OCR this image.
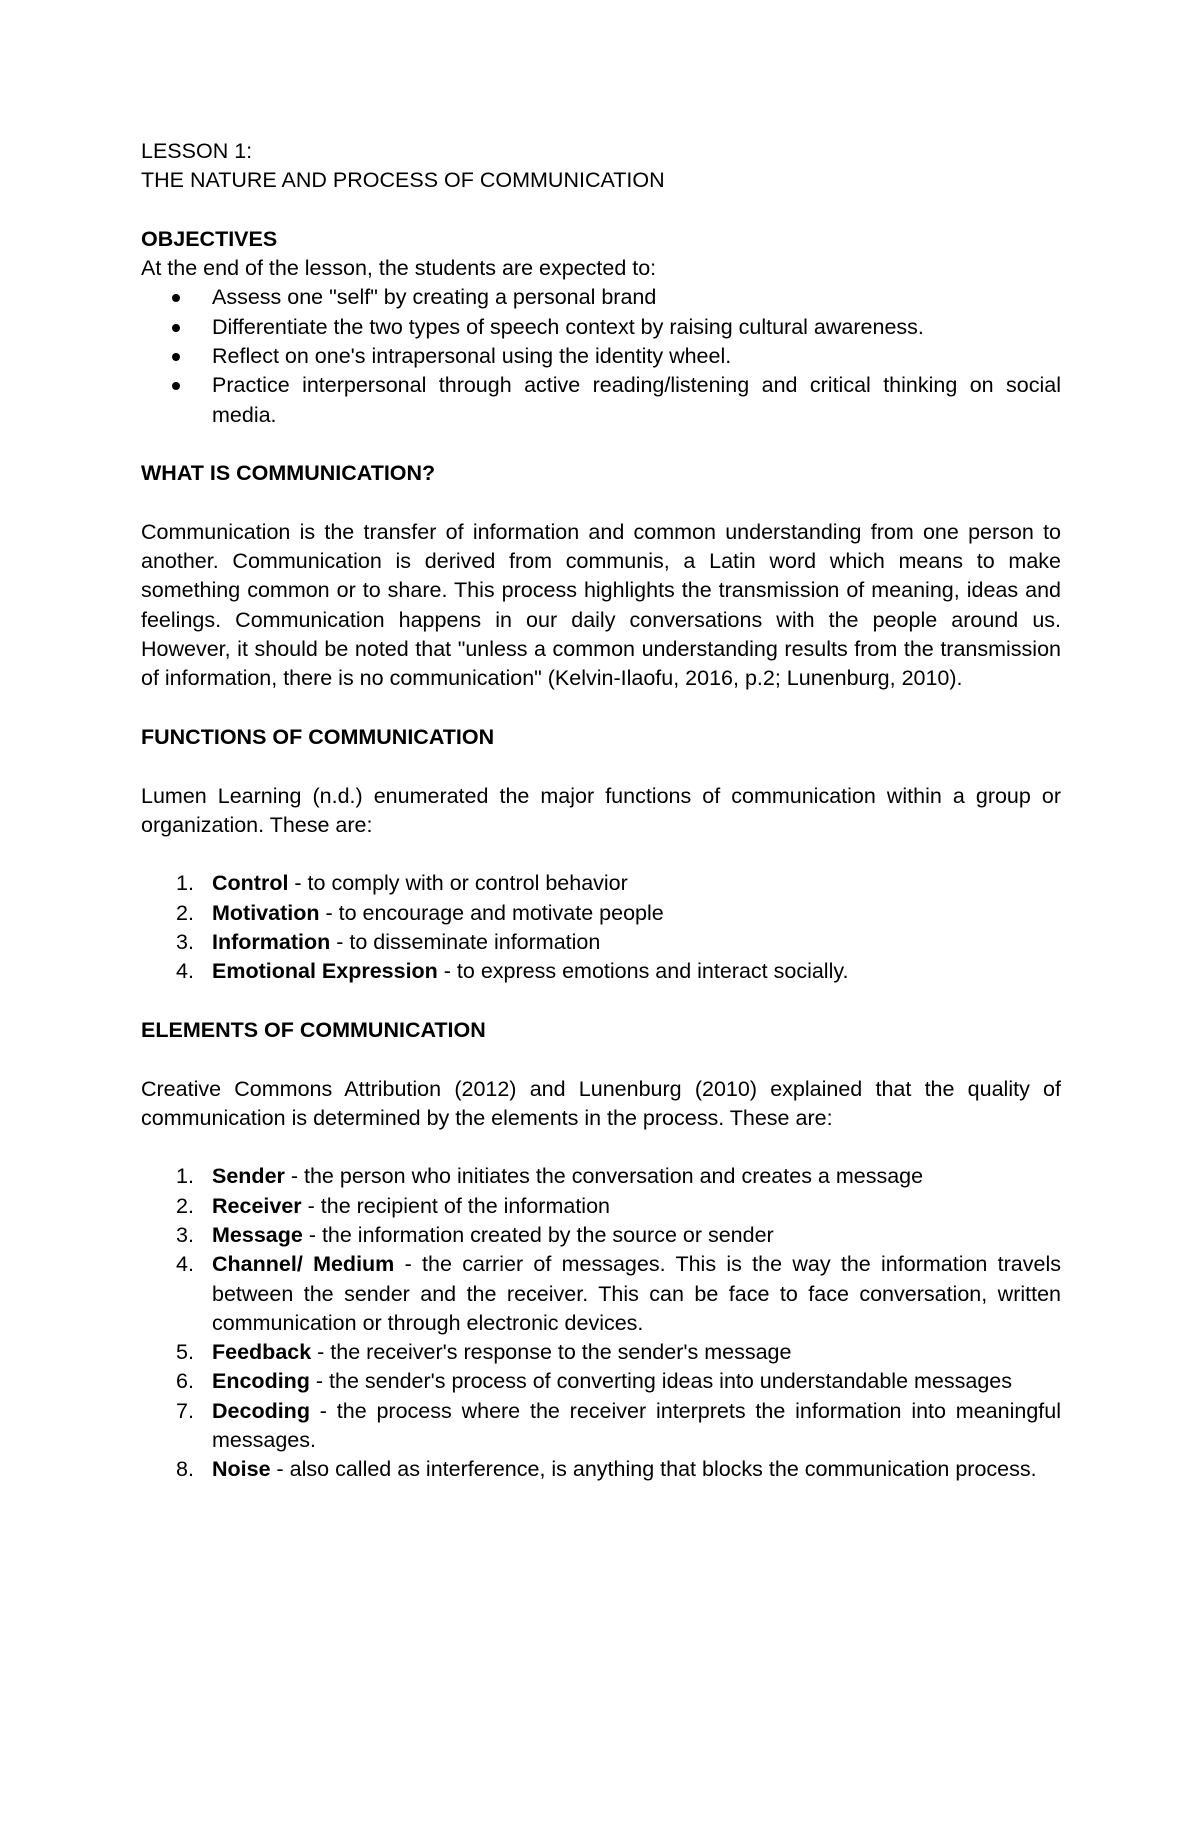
LESSON 1:

THE NATURE AND PROCESS OF COMMUNICATION

OBJECTIVES

At the end of the lesson, the students are expected to:

Assess one "self" by creating a personal brand
Differentiate the two types of speech context by raising cultural awareness.
Reflect on one's intrapersonal using the identity wheel.
Practice interpersonal through active reading/listening and critical thinking on social media.

WHAT IS COMMUNICATION?

Communication is the transfer of information and common understanding from one person to another. Communication is derived from communis, a Latin word which means to make something common or to share. This process highlights the transmission of meaning, ideas and feelings. Communication happens in our daily conversations with the people around us. However, it should be noted that "unless a common understanding results from the transmission of information, there is no communication" (Kelvin-Ilaofu, 2016, p.2; Lunenburg, 2010).

FUNCTIONS OF COMMUNICATION

Lumen Learning (n.d.) enumerated the major functions of communication within a group or organization. These are:

1. Control - to comply with or control behavior
2. Motivation - to encourage and motivate people
3. Information - to disseminate information
4. Emotional Expression - to express emotions and interact socially.

ELEMENTS OF COMMUNICATION

Creative Commons Attribution (2012) and Lunenburg (2010) explained that the quality of communication is determined by the elements in the process. These are:

1. Sender - the person who initiates the conversation and creates a message
2. Receiver - the recipient of the information
3. Message - the information created by the source or sender
4. Channel/ Medium - the carrier of messages. This is the way the information travels between the sender and the receiver. This can be face to face conversation, written communication or through electronic devices.
5. Feedback - the receiver's response to the sender's message
6. Encoding - the sender's process of converting ideas into understandable messages
7. Decoding - the process where the receiver interprets the information into meaningful messages.
8. Noise - also called as interference, is anything that blocks the communication process.
